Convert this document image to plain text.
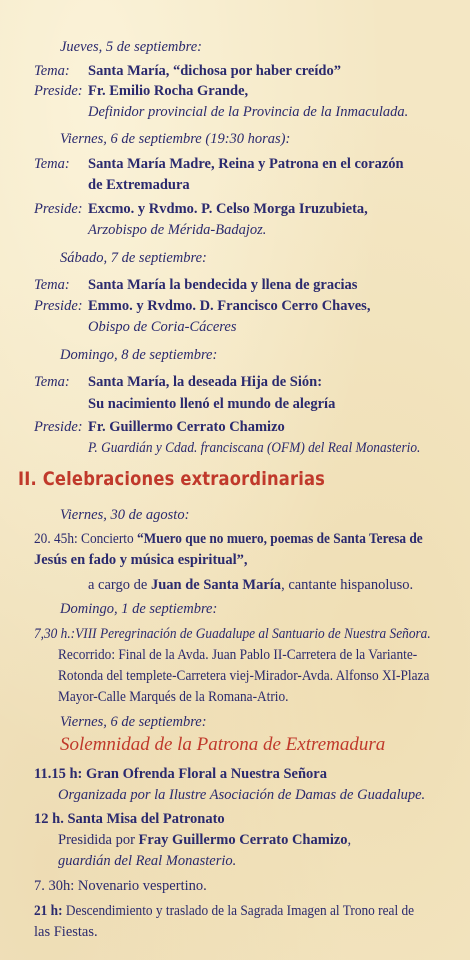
Jueves, 5 de septiembre:
Tema: Santa María, “dichosa por haber creído”
Preside: Fr. Emilio Rocha Grande,
Definidor provincial de la Provincia de la Inmaculada.
Viernes, 6 de septiembre (19:30 horas):
Tema: Santa María Madre, Reina y Patrona en el corazón
de Extremadura
Preside: Excmo. y Rvdmo. P. Celso Morga Iruzubieta,
Arzobispo de Mérida-Badajoz.
Sábado, 7 de septiembre:
Tema: Santa María la bendecida y llena de gracias
Preside: Emmo. y Rvdmo. D. Francisco Cerro Chaves,
Obispo de Coria-Cáceres
Domingo, 8 de septiembre:
Tema: Santa María, la deseada Hija de Sión:
Su nacimiento llenó el mundo de alegría
Preside: Fr. Guillermo Cerrato Chamizo
P. Guardián y Cdad. franciscana (OFM) del Real Monasterio.
II. Celebraciones extraordinarias
Viernes, 30 de agosto:
20. 45h: Concierto “Muero que no muero, poemas de Santa Teresa de
Jesús en fado y música espiritual”,
a cargo de Juan de Santa María, cantante hispanoluso.
Domingo, 1 de septiembre:
7,30 h.:VIII Peregrinación de Guadalupe al Santuario de Nuestra Señora.
Recorrido: Final de la Avda. Juan Pablo II-Carretera de la Variante-
Rotonda del templete-Carretera viej-Mirador-Avda. Alfonso XI-Plaza
Mayor-Calle Marqués de la Romana-Atrio.
Viernes, 6 de septiembre:
Solemnidad de la Patrona de Extremadura
11.15 h: Gran Ofrenda Floral a Nuestra Señora
Organizada por la Ilustre Asociación de Damas de Guadalupe.
12 h. Santa Misa del Patronato
Presidida por Fray Guillermo Cerrato Chamizo,
guardián del Real Monasterio.
7. 30h: Novenario vespertino.
21 h: Descendimiento y traslado de la Sagrada Imagen al Trono real de
las Fiestas.
